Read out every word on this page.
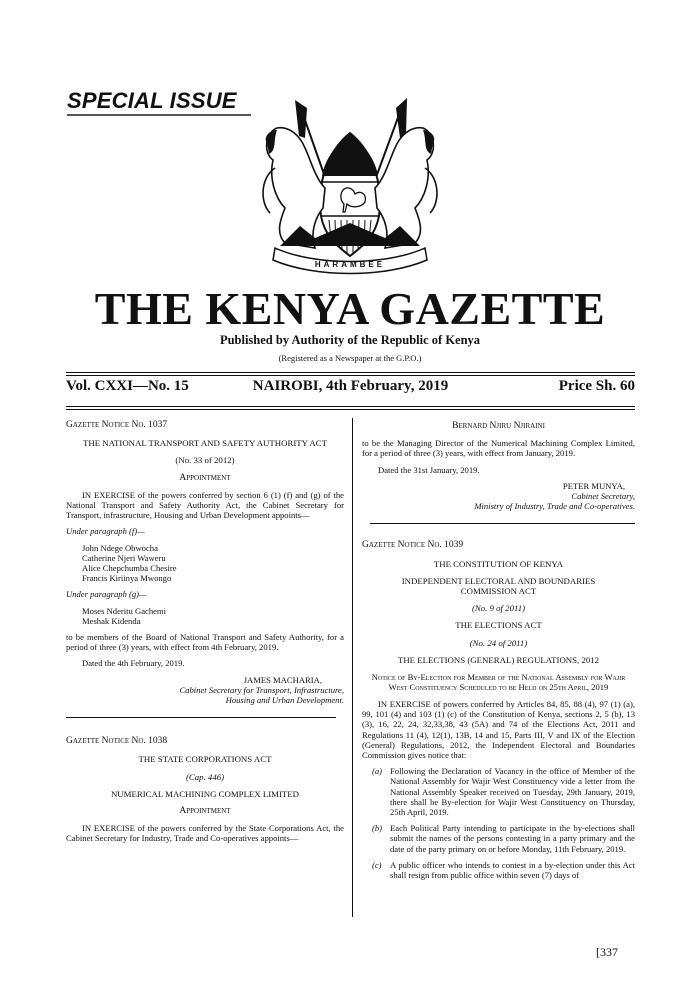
SPECIAL ISSUE
HARAMBEE
THE KENYA GAZETTE
Published by Authority of the Republic of Kenya
(Registered as a Newspaper at the G.P.O.)
Vol. CXXI—No. 15	NAIROBI, 4th February, 2019	Price Sh. 60
Gazette Notice No. 1037
THE NATIONAL TRANSPORT AND SAFETY AUTHORITY ACT
(No. 33 of 2012)
Appointment

IN EXERCISE of the powers conferred by section 6 (1) (f) and (g) of the National Transport and Safety Authority Act, the Cabinet Secretary for Transport, infrastructure, Housing and Urban Development appoints—

Under paragraph (f)—

John Ndege Obwocha
Catherine Njeri Waweru
Alice Chepchumba Chesire
Francis Kiriinya Mwongo

Under paragraph (g)—

Moses Nderitu Gachemi
Meshak Kidenda

to be members of the Board of National Transport and Safety Authority, for a period of three (3) years, with effect from 4th February, 2019.

Dated the 4th February, 2019.

JAMES MACHARIA,
Cabinet Secretary for Transport, Infrastructure,
Housing and Urban Development.
Gazette Notice No. 1038
THE STATE CORPORATIONS ACT
(Cap. 446)
NUMERICAL MACHINING COMPLEX LIMITED
Appointment

IN EXERCISE of the powers conferred by the State Corporations Act, the Cabinet Secretary for Industry, Trade and Co-operatives appoints—

Bernard Njiru Njiraini

to be the Managing Director of the Numerical Machining Complex Limited, for a period of three (3) years, with effect from January, 2019.

Dated the 31st January, 2019.

PETER MUNYA,
Cabinet Secretary,
Ministry of Industry, Trade and Co-operatives.
Gazette Notice No. 1039
THE CONSTITUTION OF KENYA
INDEPENDENT ELECTORAL AND BOUNDARIES COMMISSION ACT
(No. 9 of 2011)
THE ELECTIONS ACT
(No. 24 of 2011)
THE ELECTIONS (GENERAL) REGULATIONS, 2012
Notice of By-Election for Member of the National Assembly for Wajir West Constituency Scheduled to be Held on 25th April, 2019

IN EXERCISE of powers conferred by Articles 84, 85, 88 (4), 97 (1) (a), 99, 101 (4) and 103 (1) (c) of the Constitution of Kenya, sections 2, 5 (b), 13 (3), 16, 22, 24, 32,33,38, 43 (5A) and 74 of the Elections Act, 2011 and Regulations 11 (4), 12(1), 13B, 14 and 15, Parts III, V and IX of the Election (General) Regulations, 2012, the Independent Electoral and Boundaries Commission gives notice that:

(a) Following the Declaration of Vacancy in the office of Member of the National Assembly for Wajir West Constituency vide a letter from the National Assembly Speaker received on Tuesday, 29th January, 2019, there shall be By-election for Wajir West Constituency on Thursday, 25th April, 2019.
(b) Each Political Party intending to participate in the by-elections shall submit the names of the persons contesting in a party primary and the date of the party primary on or before Monday, 11th February, 2019.
(c) A public officer who intends to contest in a by-election under this Act shall resign from public office within seven (7) days of
[337
